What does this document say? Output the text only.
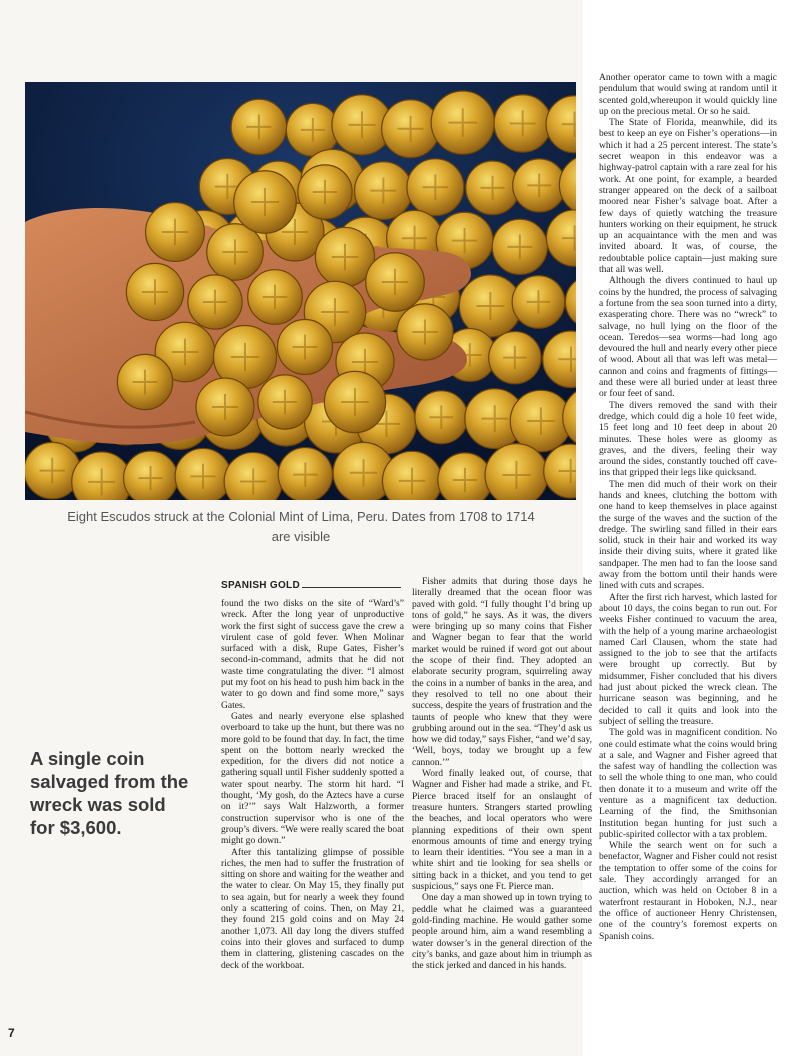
Eight Escudos struck at the Colonial Mint of Lima, Peru. Dates from 1708 to 1714 are visible
A single coin salvaged from the wreck was sold for $3,600.
SPANISH GOLD

found the two disks on the site of “Ward’s” wreck. After the long year of unproductive work the first sight of success gave the crew a virulent case of gold fever. When Molinar surfaced with a disk, Rupe Gates, Fisher’s second-in-command, admits that he did not waste time congratulating the diver. “I almost put my foot on his head to push him back in the water to go down and find some more,” says Gates.

Gates and nearly everyone else splashed overboard to take up the hunt, but there was no more gold to be found that day. In fact, the time spent on the bottom nearly wrecked the expedition, for the divers did not notice a gathering squall until Fisher suddenly spotted a water spout nearby. The storm hit hard. “I thought, ‘My gosh, do the Aztecs have a curse on it?’” says Walt Halzworth, a former construction supervisor who is one of the group’s divers. “We were really scared the boat might go down.”

After this tantalizing glimpse of possible riches, the men had to suffer the frustration of sitting on shore and waiting for the weather and the water to clear. On May 15, they finally put to sea again, but for nearly a week they found only a scattering of coins. Then, on May 21, they found 215 gold coins and on May 24 another 1,073. All day long the divers stuffed coins into their gloves and surfaced to dump them in clattering, glistening cascades on the deck of the workboat.

Fisher admits that during those days he literally dreamed that the ocean floor was paved with gold. “I fully thought I’d bring up tons of gold,” he says. As it was, the divers were bringing up so many coins that Fisher and Wagner began to fear that the world market would be ruined if word got out about the scope of their find. They adopted an elaborate security program, squirreling away the coins in a number of banks in the area, and they resolved to tell no one about their success, despite the years of frustration and the taunts of people who knew that they were grubbing around out in the sea. “They’d ask us how we did today,” says Fisher, “and we’d say, ‘Well, boys, today we brought up a few cannon.’”

Word finally leaked out, of course, that Wagner and Fisher had made a strike, and Ft. Pierce braced itself for an onslaught of treasure hunters. Strangers started prowling the beaches, and local operators who were planning expeditions of their own spent enormous amounts of time and energy trying to learn their identities. “You see a man in a white shirt and tie looking for sea shells or sitting back in a thicket, and you tend to get suspicious,” says one Ft. Pierce man.

One day a man showed up in town trying to peddle what he claimed was a guaranteed gold-finding machine. He would gather some people around him, aim a wand resembling a water dowser’s in the general direction of the city’s banks, and gaze about him in triumph as the stick jerked and danced in his hands.

Another operator came to town with a magic pendulum that would swing at random until it scented gold,whereupon it would quickly line up on the precious metal. Or so he said.

The State of Florida, meanwhile, did its best to keep an eye on Fisher’s operations—in which it had a 25 percent interest. The state’s secret weapon in this endeavor was a highway-patrol captain with a rare zeal for his work. At one point, for example, a bearded stranger appeared on the deck of a sailboat moored near Fisher’s salvage boat. After a few days of quietly watching the treasure hunters working on their equipment, he struck up an acquaintance with the men and was invited aboard. It was, of course, the redoubtable police captain—just making sure that all was well.

Although the divers continued to haul up coins by the hundred, the process of salvaging a fortune from the sea soon turned into a dirty, exasperating chore. There was no “wreck” to salvage, no hull lying on the floor of the ocean. Teredos—sea worms—had long ago devoured the hull and nearly every other piece of wood. About all that was left was metal—cannon and coins and fragments of fittings—and these were all buried under at least three or four feet of sand.

The divers removed the sand with their dredge, which could dig a hole 10 feet wide, 15 feet long and 10 feet deep in about 20 minutes. These holes were as gloomy as graves, and the divers, feeling their way around the sides, constantly touched off cave-ins that gripped their legs like quicksand.

The men did much of their work on their hands and knees, clutching the bottom with one hand to keep themselves in place against the surge of the waves and the suction of the dredge. The swirling sand filled in their ears solid, stuck in their hair and worked its way inside their diving suits, where it grated like sandpaper. The men had to fan the loose sand away from the bottom until their hands were lined with cuts and scrapes.

After the first rich harvest, which lasted for about 10 days, the coins began to run out. For weeks Fisher continued to vacuum the area, with the help of a young marine archaeologist named Carl Clausen, whom the state had assigned to the job to see that the artifacts were brought up correctly. But by midsummer, Fisher concluded that his divers had just about picked the wreck clean. The hurricane season was beginning, and he decided to call it quits and look into the subject of selling the treasure.

The gold was in magnificent condition. No one could estimate what the coins would bring at a sale, and Wagner and Fisher agreed that the safest way of handling the collection was to sell the whole thing to one man, who could then donate it to a museum and write off the venture as a magnificent tax deduction. Learning of the find, the Smithsonian Institution began hunting for just such a public-spirited collector with a tax problem.

While the search went on for such a benefactor, Wagner and Fisher could not resist the temptation to offer some of the coins for sale. They accordingly arranged for an auction, which was held on October 8 in a waterfront restaurant in Hoboken, N.J., near the office of auctioneer Henry Christensen, one of the country’s foremost experts on Spanish coins.

7
